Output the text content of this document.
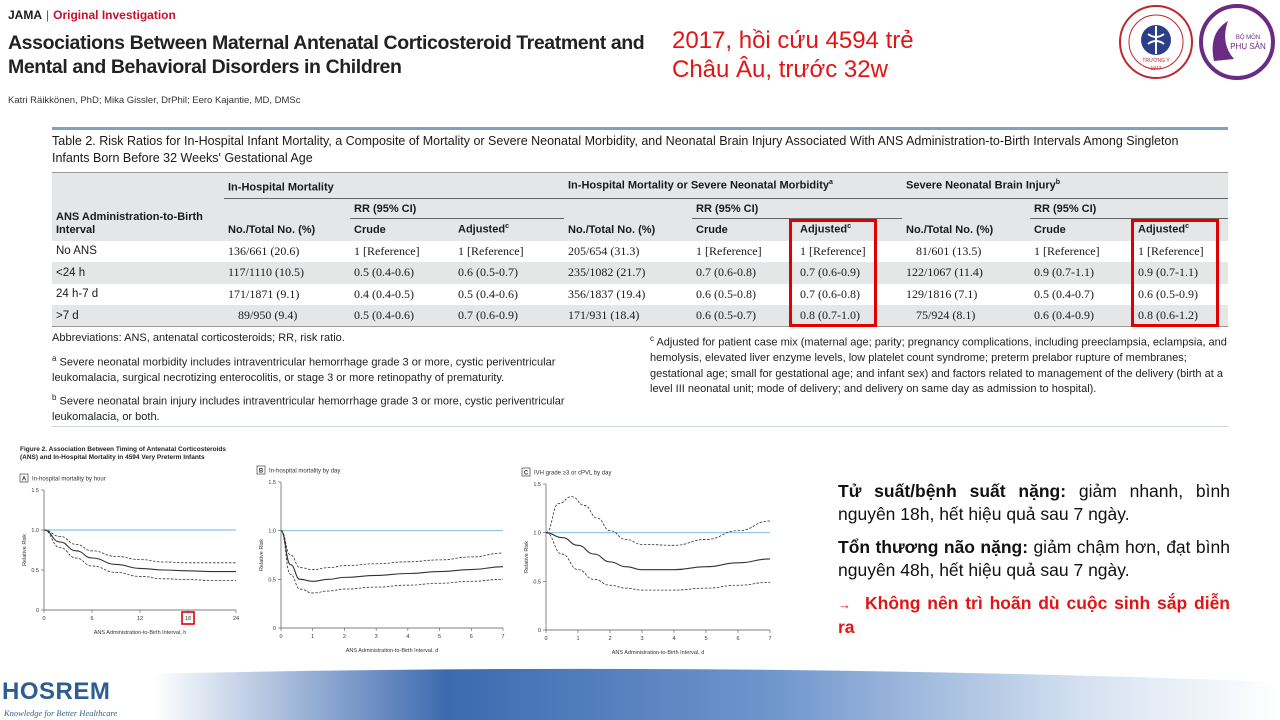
JAMA | Original Investigation
Associations Between Maternal Antenatal Corticosteroid Treatment and Mental and Behavioral Disorders in Children
Katri Räikkönen, PhD; Mika Gissler, DrPhil; Eero Kajantie, MD, DMSc
2017, hồi cứu 4594 trẻ
Châu Âu, trước 32w	TRƯỜNG Y
1947
BỘ MÔN
PHỤ SẢN
Table 2. Risk Ratios for In-Hospital Infant Mortality, a Composite of Mortality or Severe Neonatal Morbidity, and Neonatal Brain Injury Associated With ANS Administration-to-Birth Intervals Among Singleton Infants Born Before 32 Weeks' Gestational Age
ANS Administration-to-Birth Interval	In-Hospital Mortality			In-Hospital Mortality or Severe Neonatal Morbidity$^a$			Severe Neonatal Brain Injury$^b$
		RR (95% CI)			RR (95% CI)			RR (95% CI)	
	No./Total No. (%)	Crude	Adjusted$^c$	No./Total No. (%)	Crude	Adjusted$^c$	No./Total No. (%)	Crude	Adjusted$^c$
No ANS	136/661 (20.6)	1 [Reference]	1 [Reference]	205/654 (31.3)	1 [Reference]	1 [Reference]	81/601 (13.5)	1 [Reference]	1 [Reference]
<24 h	117/1110 (10.5)	0.5 (0.4-0.6)	0.6 (0.5-0.7)	235/1082 (21.7)	0.7 (0.6-0.8)	0.7 (0.6-0.9)	122/1067 (11.4)	0.9 (0.7-1.1)	0.9 (0.7-1.1)
24 h-7 d	171/1871 (9.1)	0.4 (0.4-0.5)	0.5 (0.4-0.6)	356/1837 (19.4)	0.6 (0.5-0.8)	0.7 (0.6-0.8)	129/1816 (7.1)	0.5 (0.4-0.7)	0.6 (0.5-0.9)
>7 d	89/950 (9.4)	0.5 (0.4-0.6)	0.7 (0.6-0.9)	171/931 (18.4)	0.6 (0.5-0.7)	0.8 (0.7-1.0)	75/924 (8.1)	0.6 (0.4-0.9)	0.8 (0.6-1.2)

Abbreviations: ANS, antenatal corticosteroids; RR, risk ratio.

$^a$ Severe neonatal morbidity includes intraventricular hemorrhage grade 3 or more, cystic periventricular leukomalacia, surgical necrotizing enterocolitis, or stage 3 or more retinopathy of prematurity.

$^b$ Severe neonatal brain injury includes intraventricular hemorrhage grade 3 or more, cystic periventricular leukomalacia, or both.

$^c$ Adjusted for patient case mix (maternal age; parity; pregnancy complications, including preeclampsia, eclampsia, and hemolysis, elevated liver enzyme levels, low platelet count syndrome; preterm prelabor rupture of membranes; gestational age; small for gestational age; and infant sex) and factors related to management of the delivery (birth at a level III neonatal unit; mode of delivery; and delivery on same day as admission to hospital).
Figure 2. Association Between Timing of Antenatal Corticosteroids (ANS) and In-Hospital Mortality in 4594 Very Preterm Infants
A In-hospital mortality by hour
0	6	12	18	24
0
0.5
1.0
1.5
ANS Administration-to-Birth Interval, h
Relative Risk
B In-hospital mortality by day
0	1	2	3	4	5	6	7
0
0.5
1.0
1.5
ANS Administration-to-Birth Interval, d
Relative Risk
C IVH grade ≥3 or cPVL by day
0	1	2	3	4	5	6	7
0
0.5
1.0
1.5
ANS Administration-to-Birth Interval, d
Relative Risk

Tử suất/bệnh suất nặng: giảm nhanh, bình nguyên 18h, hết hiệu quả sau 7 ngày.

Tổn thương não nặng: giảm chậm hơn, đạt bình nguyên 48h, hết hiệu quả sau 7 ngày.

→ Không nên trì hoãn dù cuộc sinh sắp diễn ra

HOSREM
Knowledge for Better Healthcare
